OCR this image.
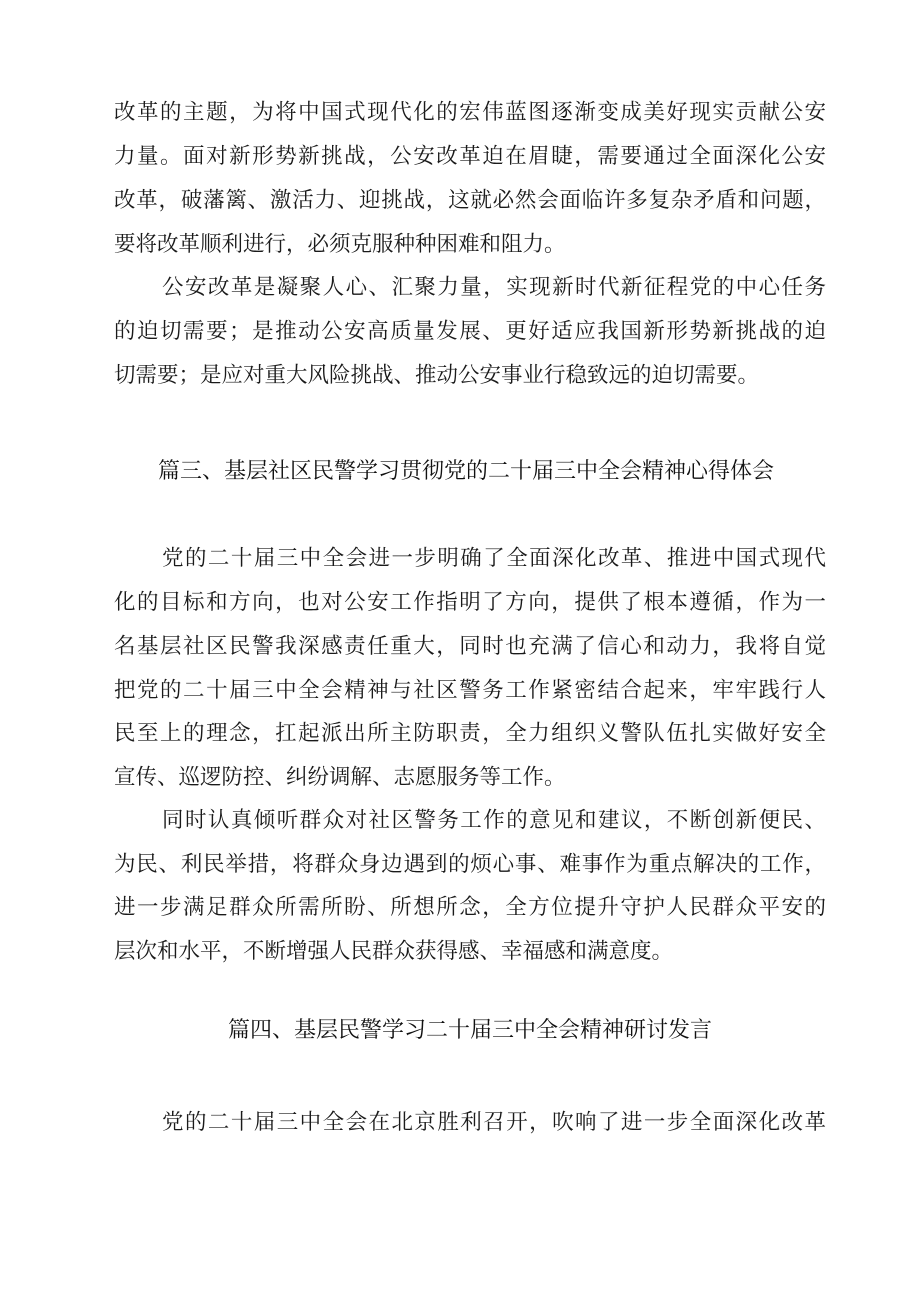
改革的主题，为将中国式现代化的宏伟蓝图逐渐变成美好现实贡献公安
力量。面对新形势新挑战，公安改革迫在眉睫，需要通过全面深化公安
改革，破藩篱、激活力、迎挑战，这就必然会面临许多复杂矛盾和问题，
要将改革顺利进行，必须克服种种困难和阻力。
公安改革是凝聚人心、汇聚力量，实现新时代新征程党的中心任务
的迫切需要；是推动公安高质量发展、更好适应我国新形势新挑战的迫
切需要；是应对重大风险挑战、推动公安事业行稳致远的迫切需要。
篇三、基层社区民警学习贯彻党的二十届三中全会精神心得体会
党的二十届三中全会进一步明确了全面深化改革、推进中国式现代
化的目标和方向，也对公安工作指明了方向，提供了根本遵循，作为一
名基层社区民警我深感责任重大，同时也充满了信心和动力，我将自觉
把党的二十届三中全会精神与社区警务工作紧密结合起来，牢牢践行人
民至上的理念，扛起派出所主防职责，全力组织义警队伍扎实做好安全
宣传、巡逻防控、纠纷调解、志愿服务等工作。
同时认真倾听群众对社区警务工作的意见和建议，不断创新便民、
为民、利民举措，将群众身边遇到的烦心事、难事作为重点解决的工作，
进一步满足群众所需所盼、所想所念，全方位提升守护人民群众平安的
层次和水平，不断增强人民群众获得感、幸福感和满意度。
篇四、基层民警学习二十届三中全会精神研讨发言
党的二十届三中全会在北京胜利召开，吹响了进一步全面深化改革
